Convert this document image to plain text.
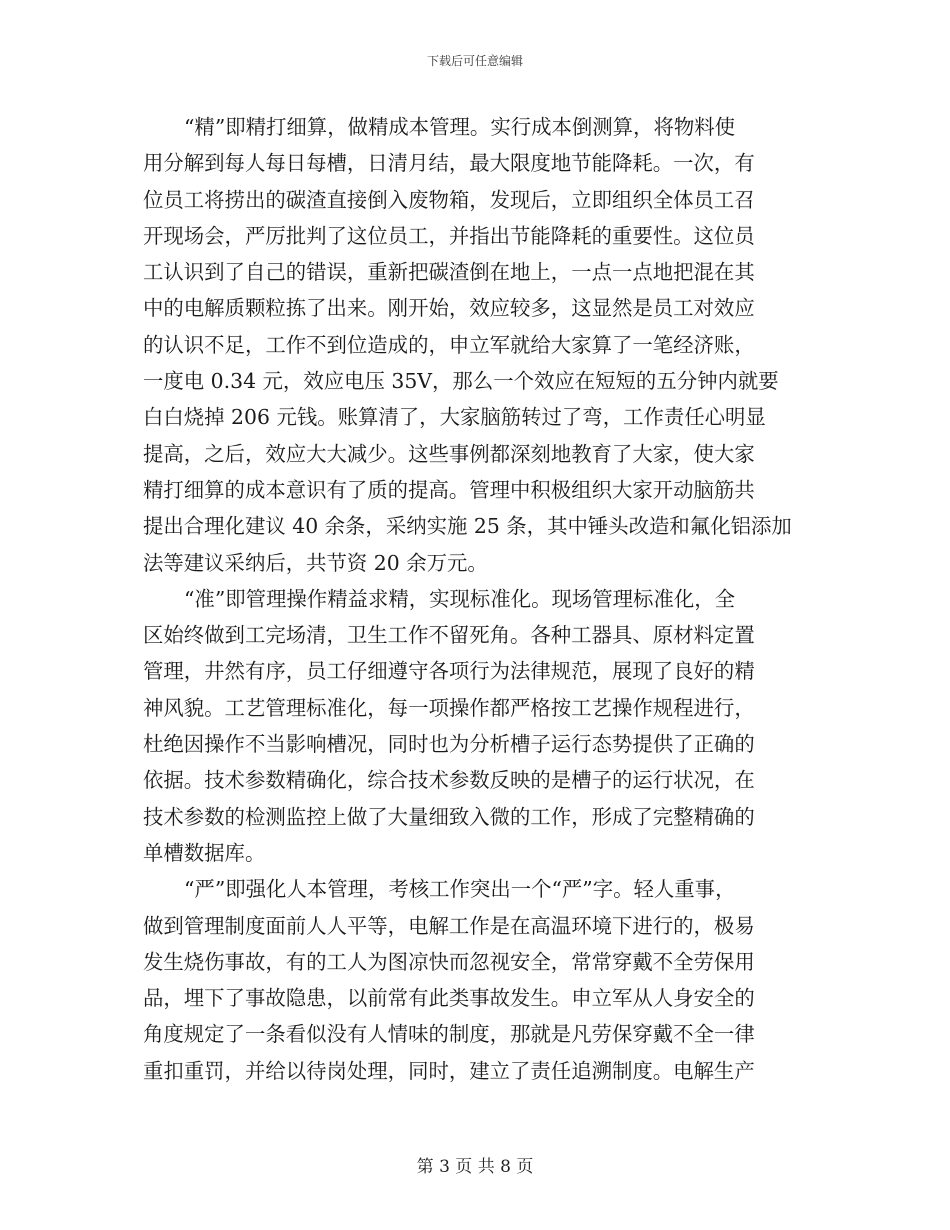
下载后可任意编辑
“精”即精打细算，做精成本管理。实行成本倒测算，将物料使
用分解到每人每日每槽，日清月结，最大限度地节能降耗。一次，有
位员工将捞出的碳渣直接倒入废物箱，发现后，立即组织全体员工召
开现场会，严厉批判了这位员工，并指出节能降耗的重要性。这位员
工认识到了自己的错误，重新把碳渣倒在地上，一点一点地把混在其
中的电解质颗粒拣了出来。刚开始，效应较多，这显然是员工对效应
的认识不足，工作不到位造成的，申立军就给大家算了一笔经济账，
一度电 0.34 元，效应电压 35V，那么一个效应在短短的五分钟内就要
白白烧掉 206 元钱。账算清了，大家脑筋转过了弯，工作责任心明显
提高，之后，效应大大减少。这些事例都深刻地教育了大家，使大家
精打细算的成本意识有了质的提高。管理中积极组织大家开动脑筋共
提出合理化建议 40 余条，采纳实施 25 条，其中锤头改造和氟化铝添加
法等建议采纳后，共节资 20 余万元。
“准”即管理操作精益求精，实现标准化。现场管理标准化，全
区始终做到工完场清，卫生工作不留死角。各种工器具、原材料定置
管理，井然有序，员工仔细遵守各项行为法律规范，展现了良好的精
神风貌。工艺管理标准化，每一项操作都严格按工艺操作规程进行，
杜绝因操作不当影响槽况，同时也为分析槽子运行态势提供了正确的
依据。技术参数精确化，综合技术参数反映的是槽子的运行状况，在
技术参数的检测监控上做了大量细致入微的工作，形成了完整精确的
单槽数据库。
“严”即强化人本管理，考核工作突出一个“严”字。轻人重事，
做到管理制度面前人人平等，电解工作是在高温环境下进行的，极易
发生烧伤事故，有的工人为图凉快而忽视安全，常常穿戴不全劳保用
品，埋下了事故隐患，以前常有此类事故发生。申立军从人身安全的
角度规定了一条看似没有人情味的制度，那就是凡劳保穿戴不全一律
重扣重罚，并给以待岗处理，同时，建立了责任追溯制度。电解生产
第 3 页 共 8 页
